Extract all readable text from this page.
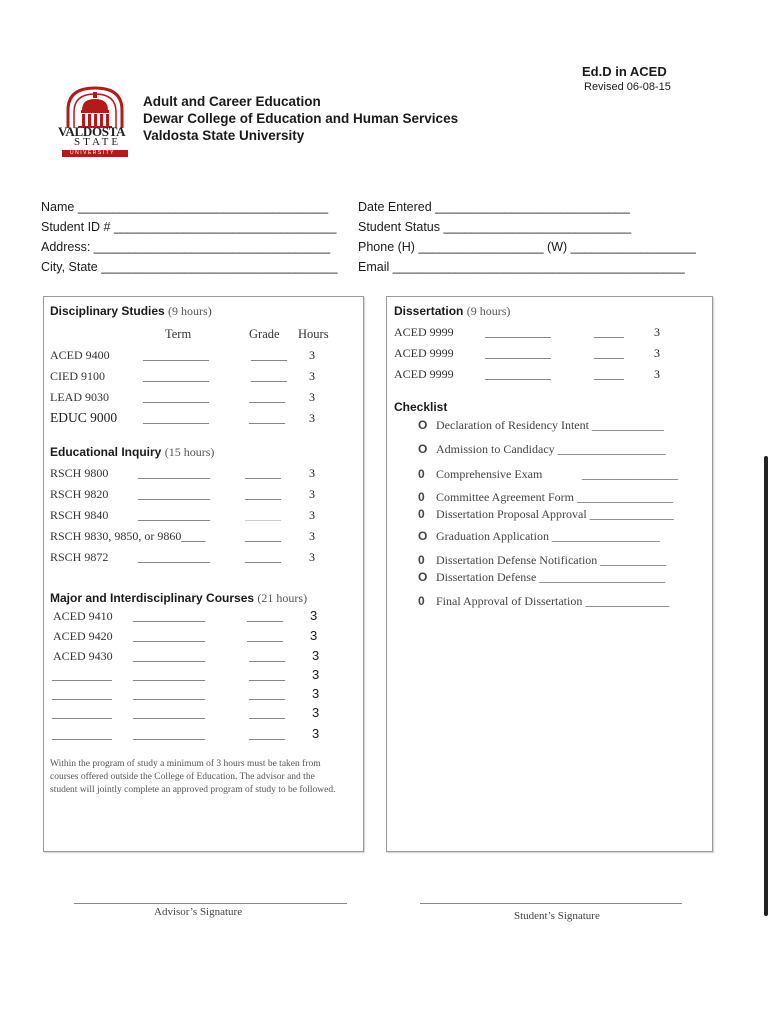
Ed.D in ACED
Revised 06-08-15
VALDOSTA
STATE
UNIVERSITY
Adult and Career Education
Dewar College of Education and Human Services
Valdosta State University
Name ____________________________________
Student ID # ________________________________
Address: __________________________________
City, State __________________________________
Date Entered ____________________________
Student Status ___________________________
Phone (H) __________________ (W) __________________
Email __________________________________________
Disciplinary Studies (9 hours)
Term	Grade Hours
ACED 9400	___________	______ 3
CIED 9100	___________	______ 3
LEAD 9030	___________	______ 3
EDUC 9000 ___________	______ 3
Educational Inquiry (15 hours)
RSCH 9800 ____________	______ 3
RSCH 9820 ____________	______ 3
RSCH 9840 ____________	______ 3
RSCH 9830, 9850, or 9860____	______ 3
RSCH 9872 ____________	______ 3
Major and Interdisciplinary Courses (21 hours)
ACED 9410 ____________	______ 3
ACED 9420 ____________	______ 3
ACED 9430 ____________	______ 3
__________ ____________	______ 3
__________ ____________	______ 3
__________ ____________	______ 3
__________ ____________	______ 3
Within the program of study a minimum of 3 hours must be taken from courses offered outside the College of Education. The advisor and the student will jointly complete an approved program of study to be followed.
Dissertation (9 hours)
ACED 9999	___________	_____	3
ACED 9999	___________	_____	3
ACED 9999	___________	_____	3
Checklist
O Declaration of Residency Intent ____________
O Admission to Candidacy __________________
0 Comprehensive Exam	________________
0 Committee Agreement Form ________________
0 Dissertation Proposal Approval ______________
O Graduation Application __________________
0 Dissertation Defense Notification ___________
O Dissertation Defense _____________________
0 Final Approval of Dissertation ______________
Advisor’s Signature	Student’s Signature
